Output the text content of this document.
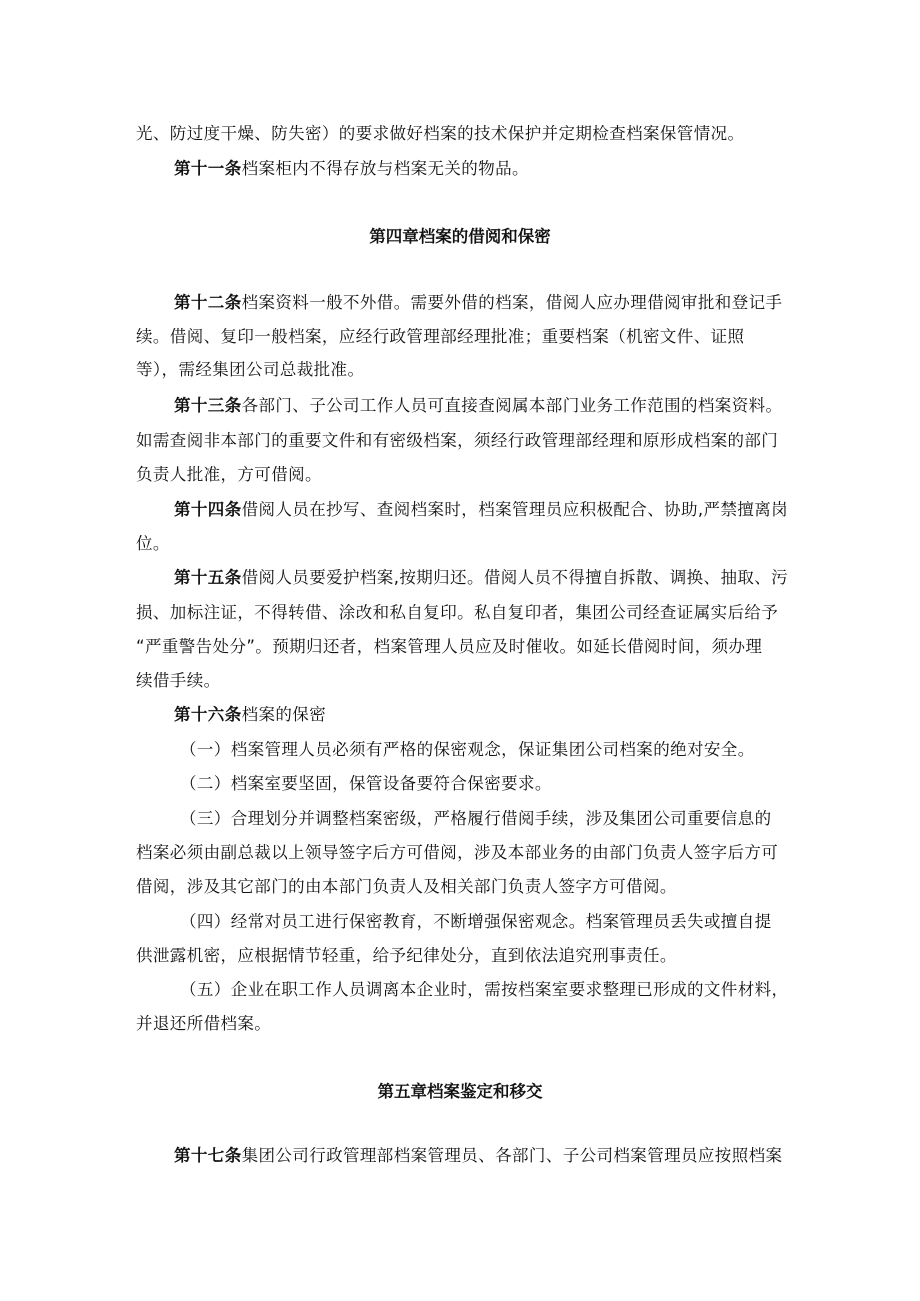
光、防过度干燥、防失密）的要求做好档案的技术保护并定期检查档案保管情况。
第十一条档案柜内不得存放与档案无关的物品。
第四章档案的借阅和保密
第十二条档案资料一般不外借。需要外借的档案，借阅人应办理借阅审批和登记手
续。借阅、复印一般档案，应经行政管理部经理批准；重要档案（机密文件、证照
等），需经集团公司总裁批准。
第十三条各部门、子公司工作人员可直接查阅属本部门业务工作范围的档案资料。
如需查阅非本部门的重要文件和有密级档案，须经行政管理部经理和原形成档案的部门
负责人批准，方可借阅。
第十四条借阅人员在抄写、查阅档案时，档案管理员应积极配合、协助,严禁擅离岗
位。
第十五条借阅人员要爱护档案,按期归还。借阅人员不得擅自拆散、调换、抽取、污
损、加标注证，不得转借、涂改和私自复印。私自复印者，集团公司经查证属实后给予
“严重警告处分”。预期归还者，档案管理人员应及时催收。如延长借阅时间，须办理
续借手续。
第十六条档案的保密
（一）档案管理人员必须有严格的保密观念，保证集团公司档案的绝对安全。
（二）档案室要坚固，保管设备要符合保密要求。
（三）合理划分并调整档案密级，严格履行借阅手续，涉及集团公司重要信息的
档案必须由副总裁以上领导签字后方可借阅，涉及本部业务的由部门负责人签字后方可
借阅，涉及其它部门的由本部门负责人及相关部门负责人签字方可借阅。
（四）经常对员工进行保密教育，不断增强保密观念。档案管理员丢失或擅自提
供泄露机密，应根据情节轻重，给予纪律处分，直到依法追究刑事责任。
（五）企业在职工作人员调离本企业时，需按档案室要求整理已形成的文件材料，
并退还所借档案。
第五章档案鉴定和移交
第十七条集团公司行政管理部档案管理员、各部门、子公司档案管理员应按照档案
